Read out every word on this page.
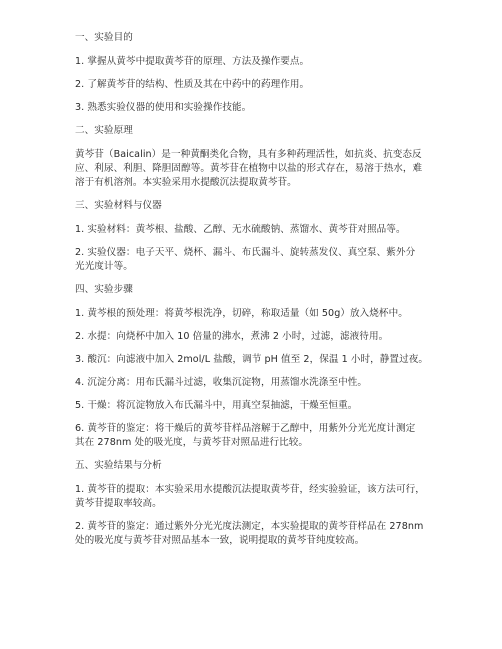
一、实验目的
1. 掌握从黄芩中提取黄芩苷的原理、方法及操作要点。
2. 了解黄芩苷的结构、性质及其在中药中的药理作用。
3. 熟悉实验仪器的使用和实验操作技能。
二、实验原理
黄芩苷（Baicalin）是一种黄酮类化合物，具有多种药理活性，如抗炎、抗变态反
应、利尿、利胆、降胆固醇等。黄芩苷在植物中以盐的形式存在，易溶于热水，难
溶于有机溶剂。本实验采用水提酸沉法提取黄芩苷。
三、实验材料与仪器
1. 实验材料：黄芩根、盐酸、乙醇、无水硫酸钠、蒸馏水、黄芩苷对照品等。
2. 实验仪器：电子天平、烧杯、漏斗、布氏漏斗、旋转蒸发仪、真空泵、紫外分
光光度计等。
四、实验步骤
1. 黄芩根的预处理：将黄芩根洗净，切碎，称取适量（如 50g）放入烧杯中。
2. 水提：向烧杯中加入 10 倍量的沸水，煮沸 2 小时，过滤，滤液待用。
3. 酸沉：向滤液中加入 2mol/L 盐酸，调节 pH 值至 2，保温 1 小时，静置过夜。
4. 沉淀分离：用布氏漏斗过滤，收集沉淀物，用蒸馏水洗涤至中性。
5. 干燥：将沉淀物放入布氏漏斗中，用真空泵抽滤，干燥至恒重。
6. 黄芩苷的鉴定：将干燥后的黄芩苷样品溶解于乙醇中，用紫外分光光度计测定
其在 278nm 处的吸光度，与黄芩苷对照品进行比较。
五、实验结果与分析
1. 黄芩苷的提取：本实验采用水提酸沉法提取黄芩苷，经实验验证，该方法可行，
黄芩苷提取率较高。
2. 黄芩苷的鉴定：通过紫外分光光度法测定，本实验提取的黄芩苷样品在 278nm
处的吸光度与黄芩苷对照品基本一致，说明提取的黄芩苷纯度较高。
